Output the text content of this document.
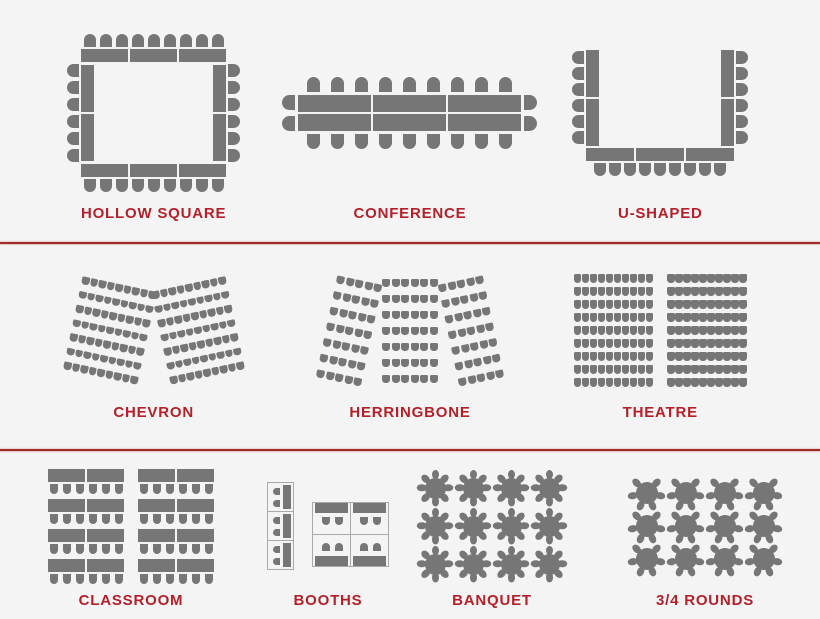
HOLLOW SQUARE	CONFERENCE	U-SHAPED
CHEVRON	HERRINGBONE	THEATRE
CLASSROOM	BOOTHS	BANQUET	3/4 ROUNDS
